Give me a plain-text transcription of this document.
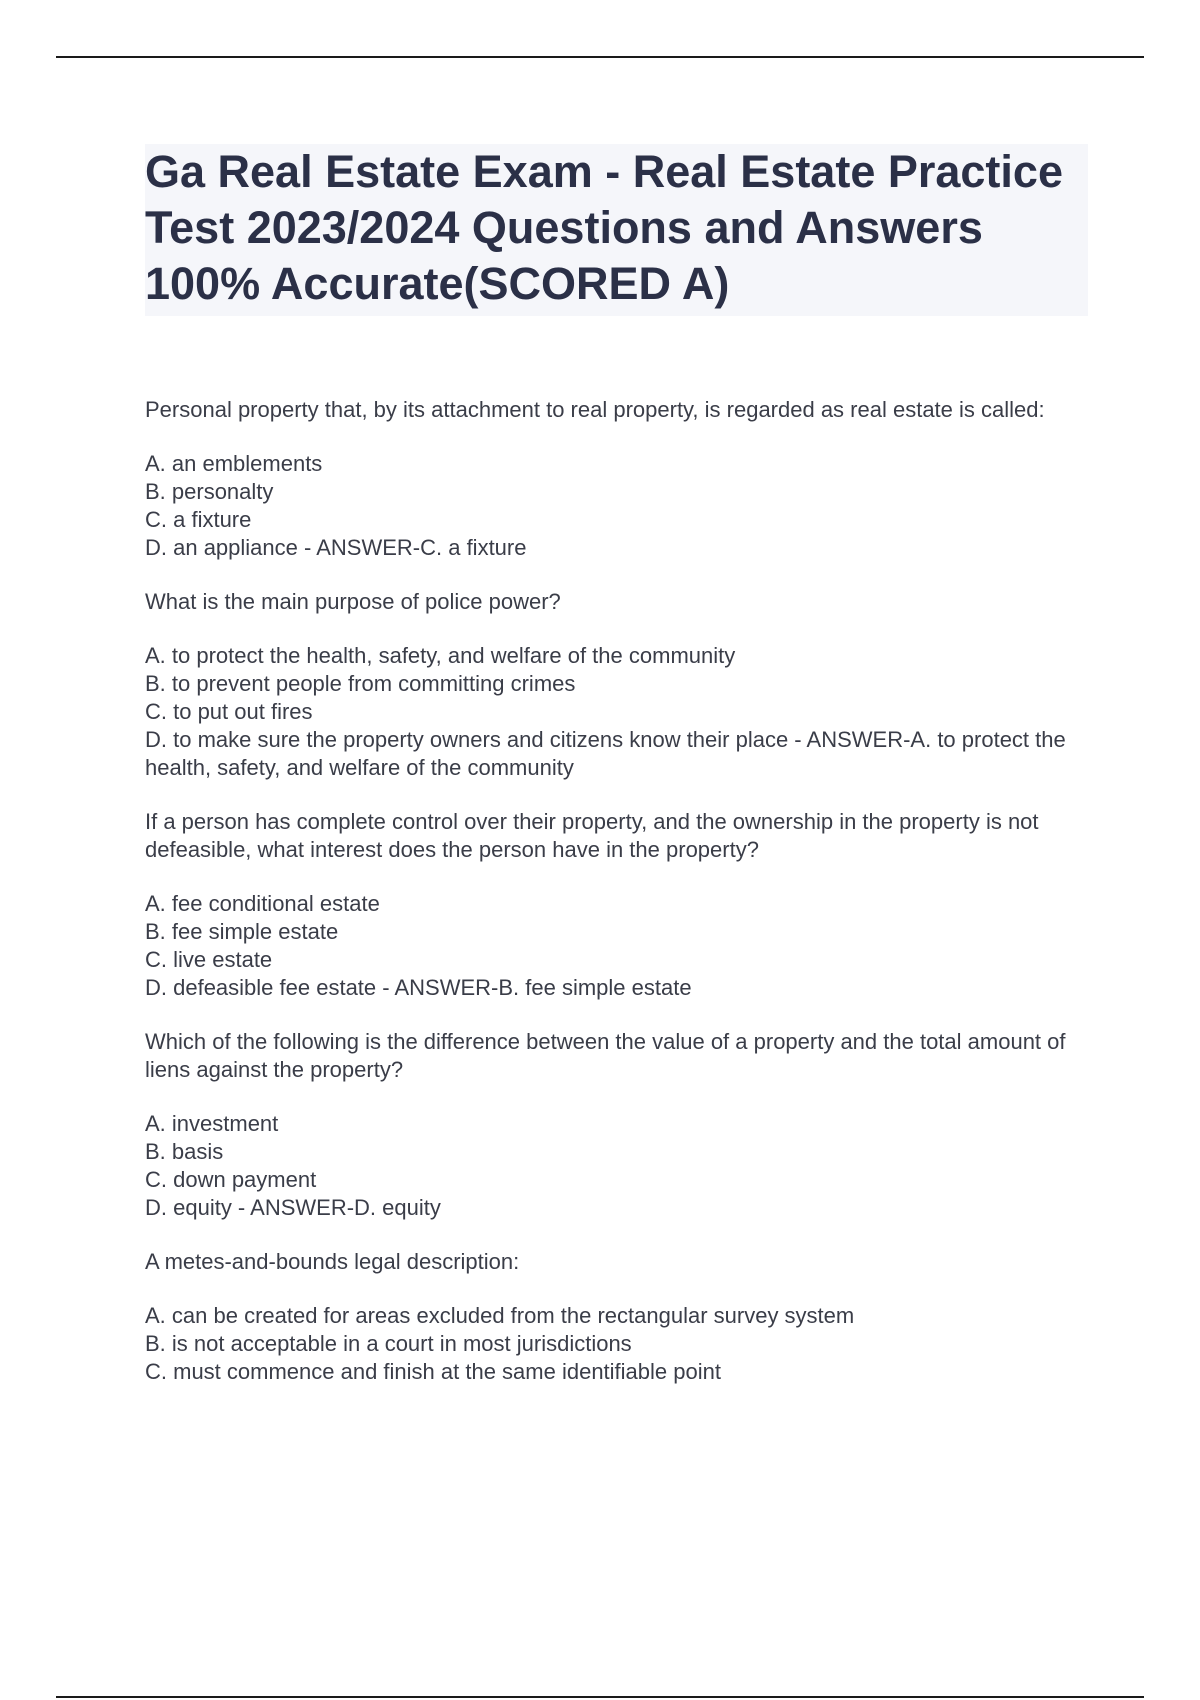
Ga Real Estate Exam - Real Estate Practice Test 2023/2024 Questions and Answers 100% Accurate(SCORED A)

Personal property that, by its attachment to real property, is regarded as real estate is called:

A. an emblements
B. personalty
C. a fixture
D. an appliance - ANSWER-C. a fixture

What is the main purpose of police power?

A. to protect the health, safety, and welfare of the community
B. to prevent people from committing crimes
C. to put out fires
D. to make sure the property owners and citizens know their place - ANSWER-A. to protect the health, safety, and welfare of the community

If a person has complete control over their property, and the ownership in the property is not defeasible, what interest does the person have in the property?

A. fee conditional estate
B. fee simple estate
C. live estate
D. defeasible fee estate - ANSWER-B. fee simple estate

Which of the following is the difference between the value of a property and the total amount of liens against the property?

A. investment
B. basis
C. down payment
D. equity - ANSWER-D. equity

A metes-and-bounds legal description:

A. can be created for areas excluded from the rectangular survey system
B. is not acceptable in a court in most jurisdictions
C. must commence and finish at the same identifiable point
